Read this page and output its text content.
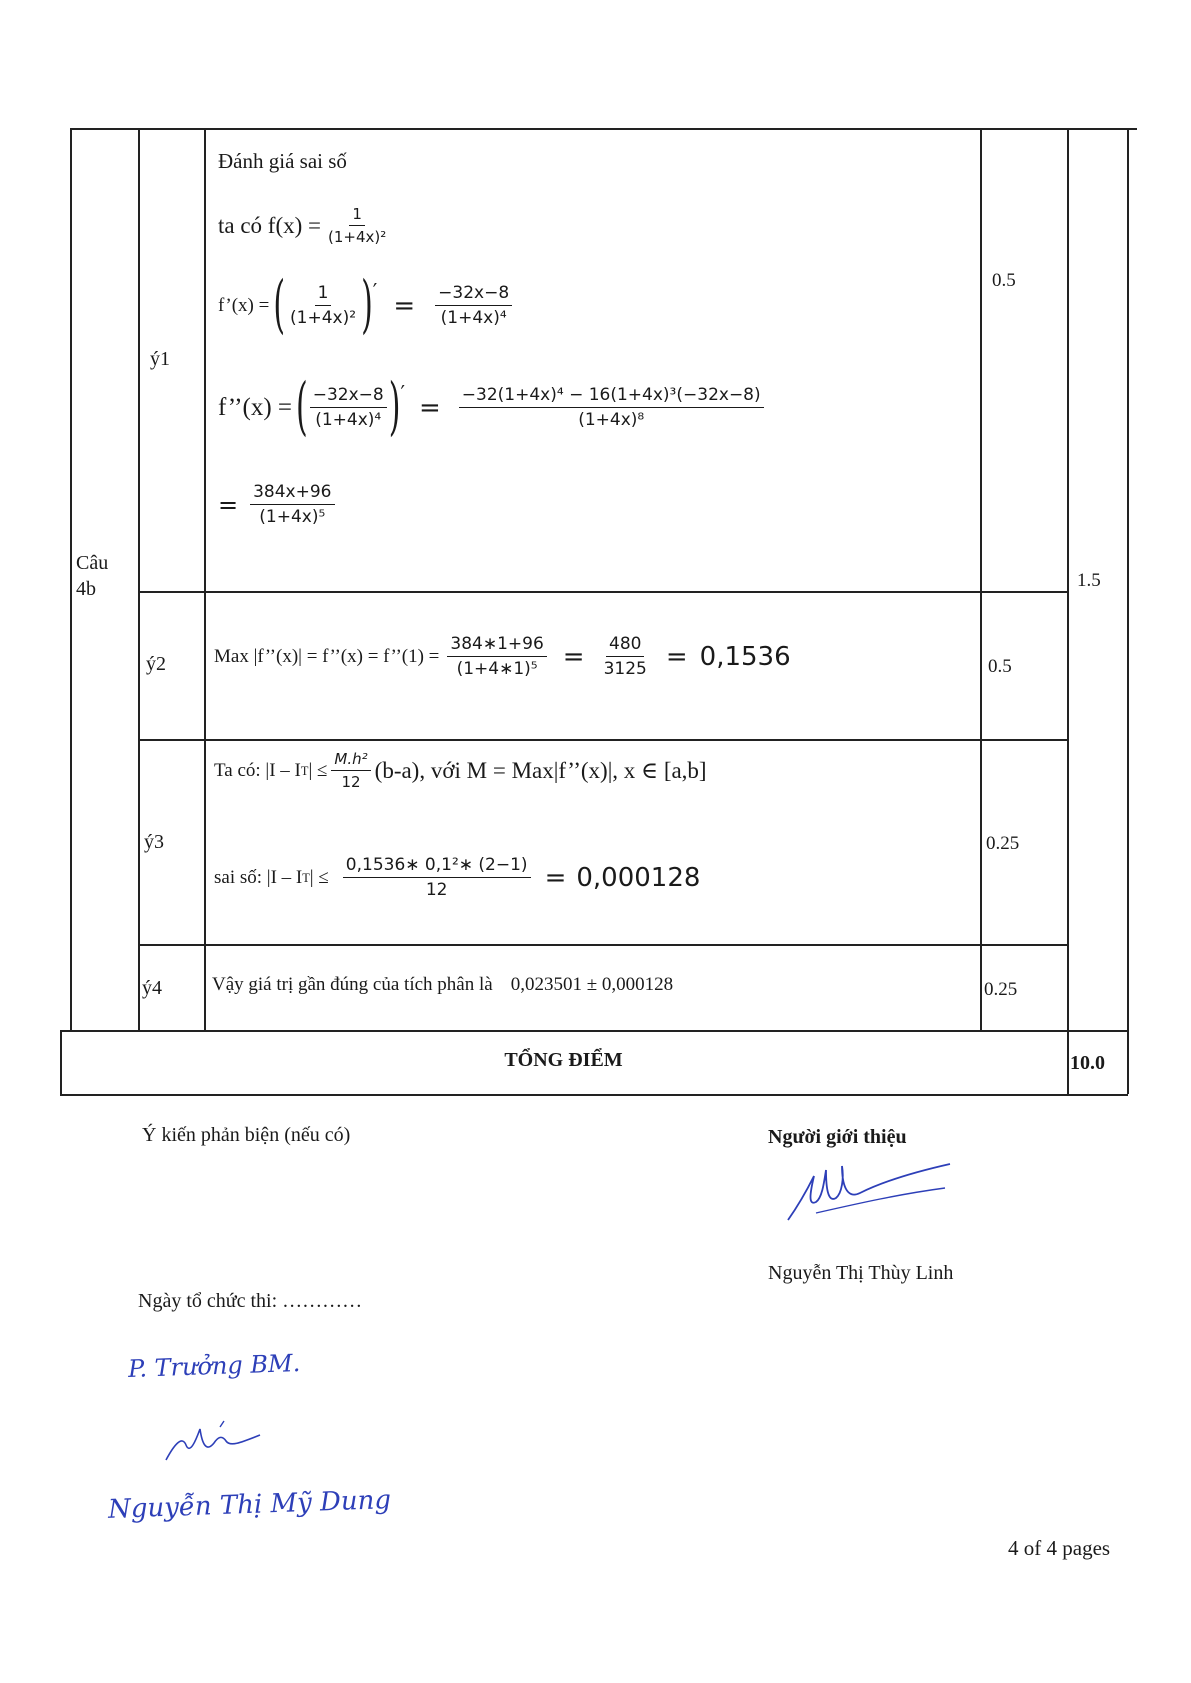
Câu 4b
ý1
ý2
ý3
ý4
0.5
0.5
0.25
0.25
1.5
Đánh giá sai số
ta có $f(x) = \frac{1}{\text{(1+4x)²}}$
f’(x) = ( $\frac{1}{\text{(1+4x)²}}$ ) ′ = $\frac{-32x-8}{\text{(1+4x)⁴}}$
f’’(x) = ( $\frac{-32x-8}{\text{(1+4x)⁴}}$ ) ′ = $\frac{\text{−32(1+4x)⁴ − 16(1+4x)³(−32x−8)}}{\text{(1+4x)⁸}}$
= $\frac{384x+96}{\text{(1+4x)⁵}}$
Max |f’’(x)| = f’’(x) = f’’(1) = $\frac{384∗1+96}{\text{(1+4∗1)⁵}} = \frac{480}{3125} = 0,1536$
Ta có: |I – I T | ≤ $\frac{\text{M.h²}}{12} (b-a)$, với M = Max|f’’(x)|, x ∈ [a,b]
sai số: |I – I T | ≤ $\frac{\text{0,1536∗ 0,1²∗ (2−1)}}{12} = 0,000128$
Vậy giá trị gần đúng của tích phân là 0,023501 ± 0,000128
TỔNG ĐIỂM	10.0
Ý kiến phản biện (nếu có)	Người giới thiệu
Nguyễn Thị Thùy Linh
Ngày tổ chức thi: …………
P. Trưởng BM.
Nguyễn Thị Mỹ Dung
4 of 4 pages
